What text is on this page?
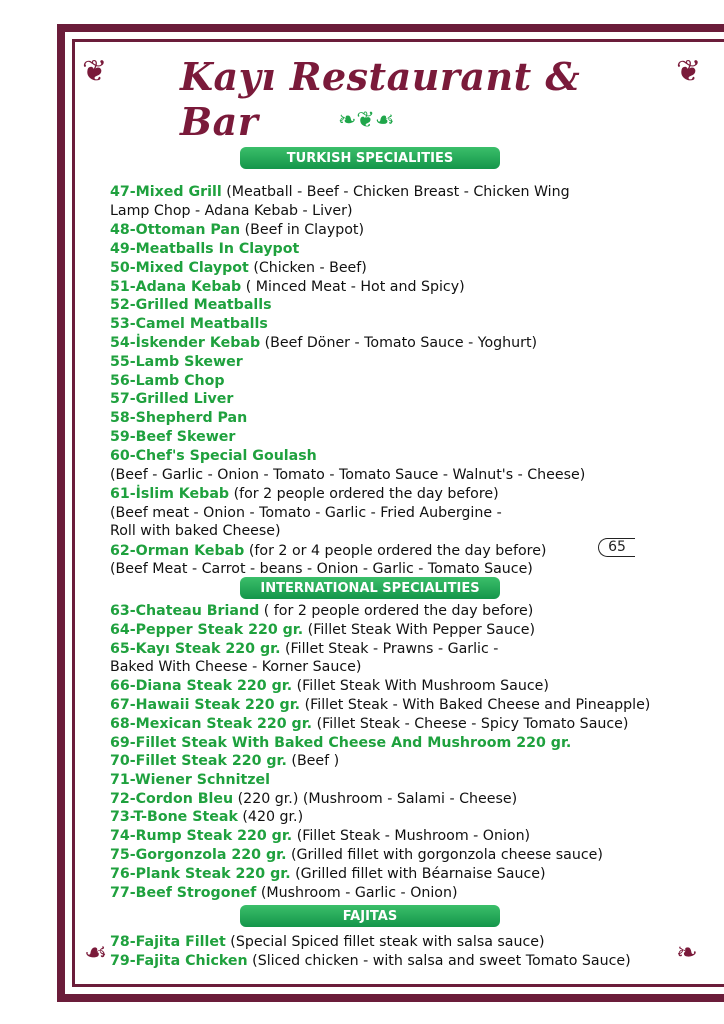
❦	❦
❧
☙
Kayı Restaurant & Bar	❧❦☙
TURKISH SPECIALITIES
INTERNATIONAL SPECIALITIES
FAJITAS
65
47-Mixed Grill (Meatball - Beef - Chicken Breast - Chicken Wing
Lamp Chop - Adana Kebab - Liver)
48-Ottoman Pan (Beef in Claypot)
49-Meatballs In Claypot
50-Mixed Claypot (Chicken - Beef)
51-Adana Kebab ( Minced Meat - Hot and Spicy)
52-Grilled Meatballs
53-Camel Meatballs
54-İskender Kebab (Beef Döner - Tomato Sauce - Yoghurt)
55-Lamb Skewer
56-Lamb Chop
57-Grilled Liver
58-Shepherd Pan
59-Beef Skewer
60-Chef's Special Goulash
(Beef - Garlic - Onion - Tomato - Tomato Sauce - Walnut's - Cheese)
61-İslim Kebab (for 2 people ordered the day before)
(Beef meat - Onion - Tomato - Garlic - Fried Aubergine -
Roll with baked Cheese)
62-Orman Kebab (for 2 or 4 people ordered the day before)
(Beef Meat - Carrot - beans - Onion - Garlic - Tomato Sauce)
63-Chateau Briand ( for 2 people ordered the day before)
64-Pepper Steak 220 gr. (Fillet Steak With Pepper Sauce)
65-Kayı Steak 220 gr. (Fillet Steak - Prawns - Garlic -
Baked With Cheese - Korner Sauce)
66-Diana Steak 220 gr. (Fillet Steak With Mushroom Sauce)
67-Hawaii Steak 220 gr. (Fillet Steak - With Baked Cheese and Pineapple)
68-Mexican Steak 220 gr. (Fillet Steak - Cheese - Spicy Tomato Sauce)
69-Fillet Steak With Baked Cheese And Mushroom 220 gr.
70-Fillet Steak 220 gr. (Beef )
71-Wiener Schnitzel
72-Cordon Bleu (220 gr.) (Mushroom - Salami - Cheese)
73-T-Bone Steak (420 gr.)
74-Rump Steak 220 gr. (Fillet Steak - Mushroom - Onion)
75-Gorgonzola 220 gr. (Grilled fillet with gorgonzola cheese sauce)
76-Plank Steak 220 gr. (Grilled fillet with Béarnaise Sauce)
77-Beef Strogonef (Mushroom - Garlic - Onion)
78-Fajita Fillet (Special Spiced fillet steak with salsa sauce)
79-Fajita Chicken (Sliced chicken - with salsa and sweet Tomato Sauce)
